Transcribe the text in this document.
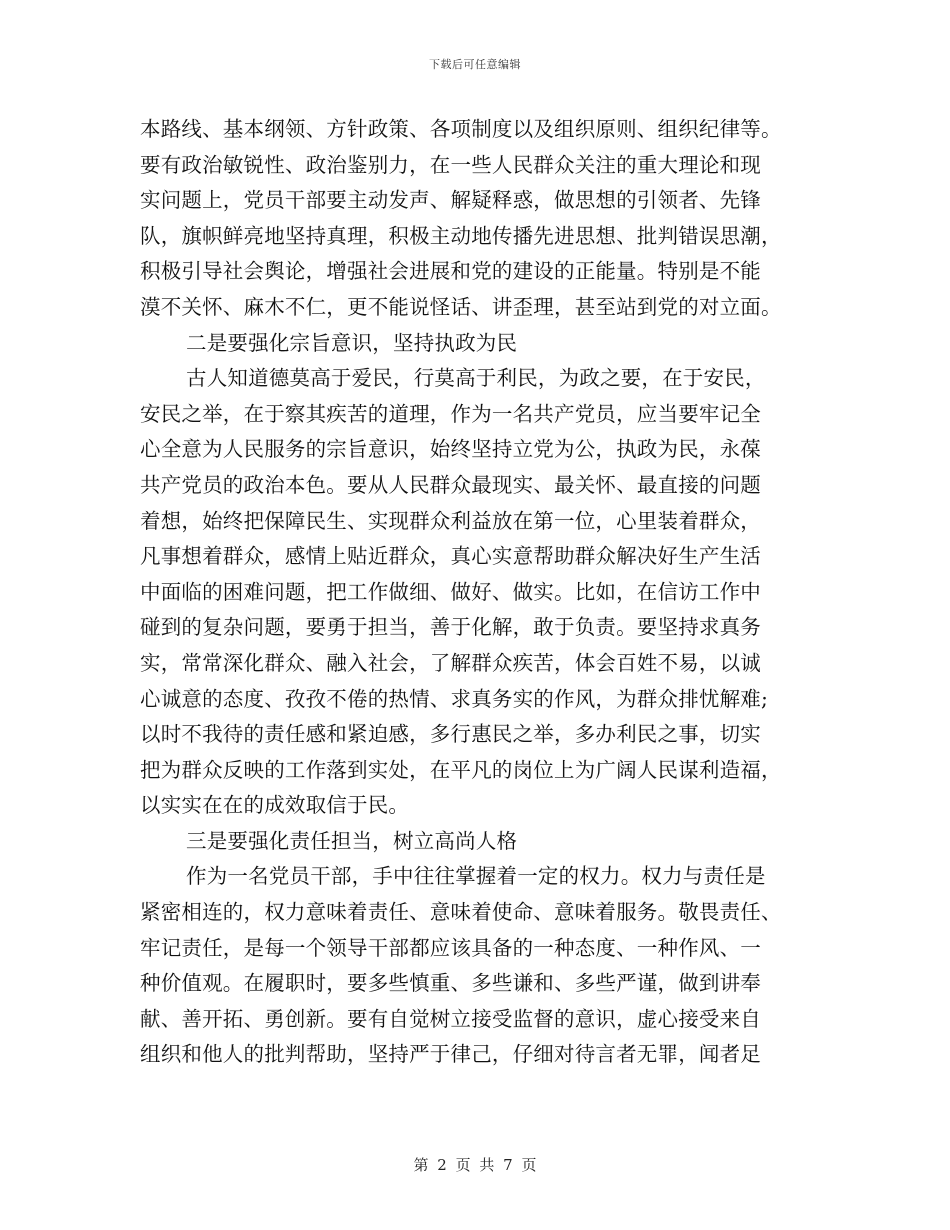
下载后可任意编辑
本路线、基本纲领、方针政策、各项制度以及组织原则、组织纪律等。
要有政治敏锐性、政治鉴别力，在一些人民群众关注的重大理论和现
实问题上，党员干部要主动发声、解疑释惑，做思想的引领者、先锋
队，旗帜鲜亮地坚持真理，积极主动地传播先进思想、批判错误思潮，
积极引导社会舆论，增强社会进展和党的建设的正能量。特别是不能
漠不关怀、麻木不仁，更不能说怪话、讲歪理，甚至站到党的对立面。
二是要强化宗旨意识，坚持执政为民
古人知道德莫高于爱民，行莫高于利民，为政之要，在于安民，
安民之举，在于察其疾苦的道理，作为一名共产党员，应当要牢记全
心全意为人民服务的宗旨意识，始终坚持立党为公，执政为民，永葆
共产党员的政治本色。要从人民群众最现实、最关怀、最直接的问题
着想，始终把保障民生、实现群众利益放在第一位，心里装着群众，
凡事想着群众，感情上贴近群众，真心实意帮助群众解决好生产生活
中面临的困难问题，把工作做细、做好、做实。比如，在信访工作中
碰到的复杂问题，要勇于担当，善于化解，敢于负责。要坚持求真务
实，常常深化群众、融入社会，了解群众疾苦，体会百姓不易，以诚
心诚意的态度、孜孜不倦的热情、求真务实的作风，为群众排忧解难;
以时不我待的责任感和紧迫感，多行惠民之举，多办利民之事，切实
把为群众反映的工作落到实处，在平凡的岗位上为广阔人民谋利造福，
以实实在在的成效取信于民。
三是要强化责任担当，树立高尚人格
作为一名党员干部，手中往往掌握着一定的权力。权力与责任是
紧密相连的，权力意味着责任、意味着使命、意味着服务。敬畏责任、
牢记责任，是每一个领导干部都应该具备的一种态度、一种作风、一
种价值观。在履职时，要多些慎重、多些谦和、多些严谨，做到讲奉
献、善开拓、勇创新。要有自觉树立接受监督的意识，虚心接受来自
组织和他人的批判帮助，坚持严于律己，仔细对待言者无罪，闻者足
第 2 页 共 7 页
